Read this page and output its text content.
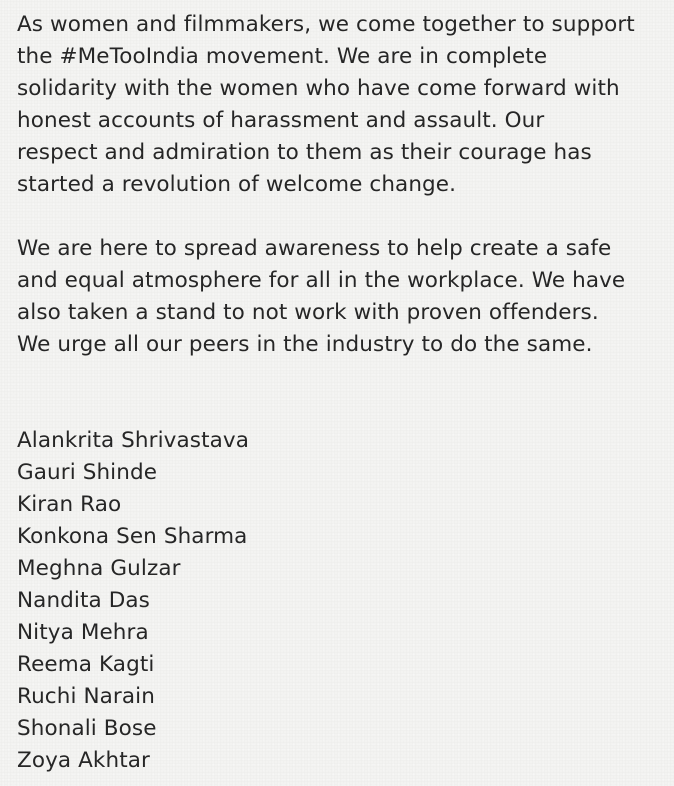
As women and filmmakers, we come together to support
the #MeTooIndia movement. We are in complete
solidarity with the women who have come forward with
honest accounts of harassment and assault. Our
respect and admiration to them as their courage has
started a revolution of welcome change.
We are here to spread awareness to help create a safe
and equal atmosphere for all in the workplace. We have
also taken a stand to not work with proven offenders.
We urge all our peers in the industry to do the same.
Alankrita Shrivastava
Gauri Shinde
Kiran Rao
Konkona Sen Sharma
Meghna Gulzar
Nandita Das
Nitya Mehra
Reema Kagti
Ruchi Narain
Shonali Bose
Zoya Akhtar
